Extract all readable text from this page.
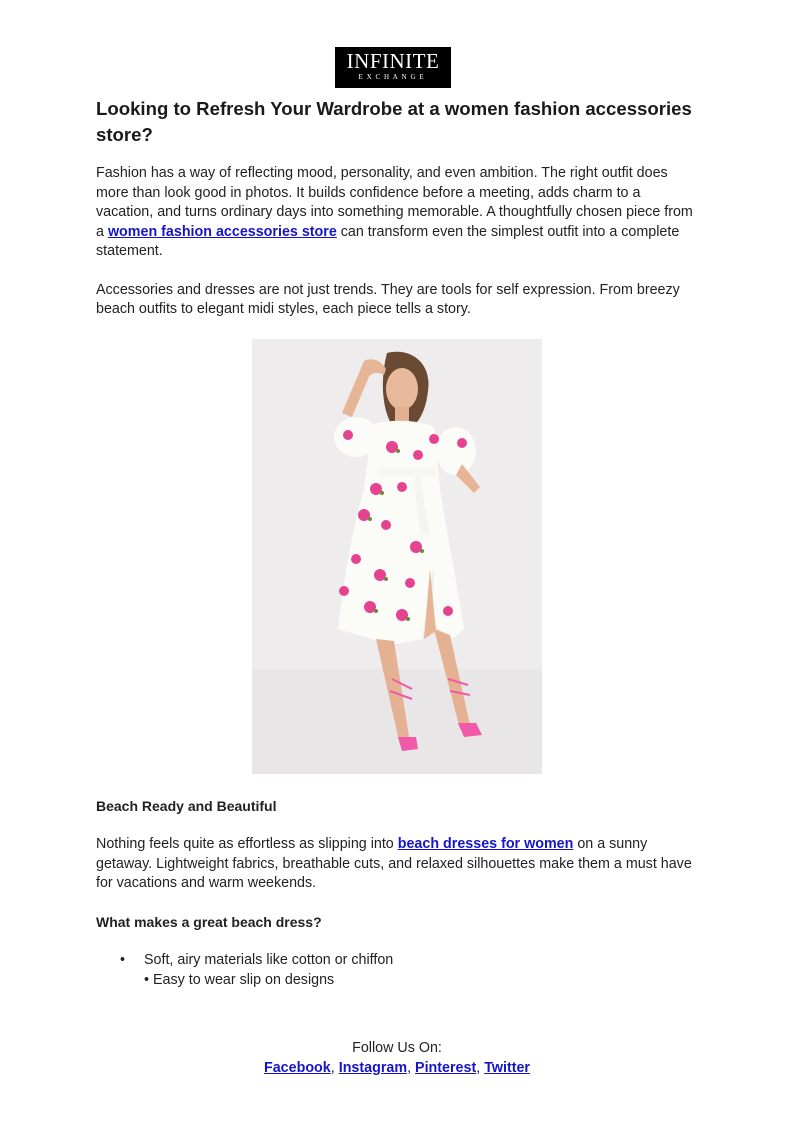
INFINITE
EXCHANGE
Looking to Refresh Your Wardrobe at a women fashion accessories store?

Fashion has a way of reflecting mood, personality, and even ambition. The right outfit does more than look good in photos. It builds confidence before a meeting, adds charm to a vacation, and turns ordinary days into something memorable. A thoughtfully chosen piece from a women fashion accessories store can transform even the simplest outfit into a complete statement.

Accessories and dresses are not just trends. They are tools for self expression. From breezy beach outfits to elegant midi styles, each piece tells a story.

Beach Ready and Beautiful

Nothing feels quite as effortless as slipping into beach dresses for women on a sunny getaway. Lightweight fabrics, breathable cuts, and relaxed silhouettes make them a must have for vacations and warm weekends.

What makes a great beach dress?
• Soft, airy materials like cotton or chiffon
• Easy to wear slip on designs
Follow Us On:
Facebook, Instagram, Pinterest, Twitter
